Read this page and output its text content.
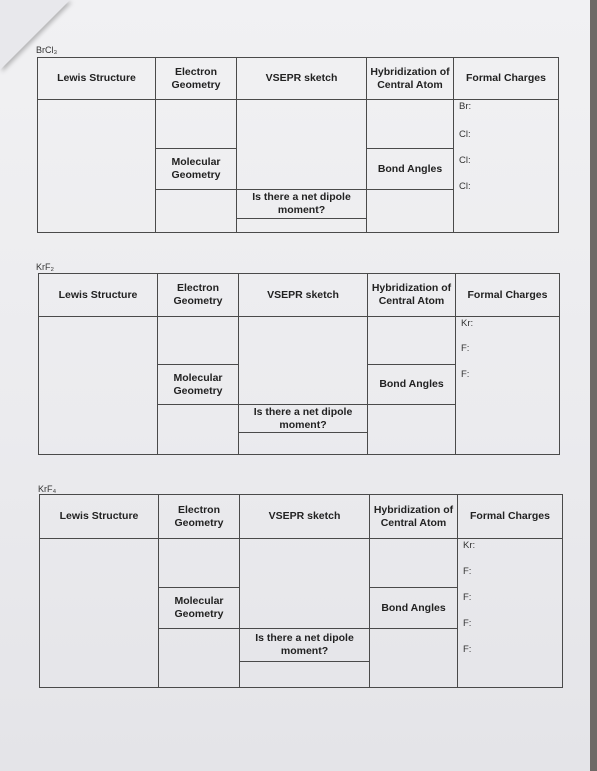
BrCl₃
Lewis Structure
Electron Geometry
VSEPR sketch
Hybridization of Central Atom
Formal Charges
Molecular Geometry
Is there a net dipole moment?
Bond Angles
Br:
Cl:
Cl:
Cl:
KrF₂
Lewis Structure
Electron Geometry
VSEPR sketch
Hybridization of Central Atom
Formal Charges
Molecular Geometry
Is there a net dipole moment?
Bond Angles
Kr:
F:
F:
KrF₄
Lewis Structure
Electron Geometry
VSEPR sketch
Hybridization of Central Atom
Formal Charges
Molecular Geometry
Is there a net dipole moment?
Bond Angles
Kr:
F:
F:
F:
F:
